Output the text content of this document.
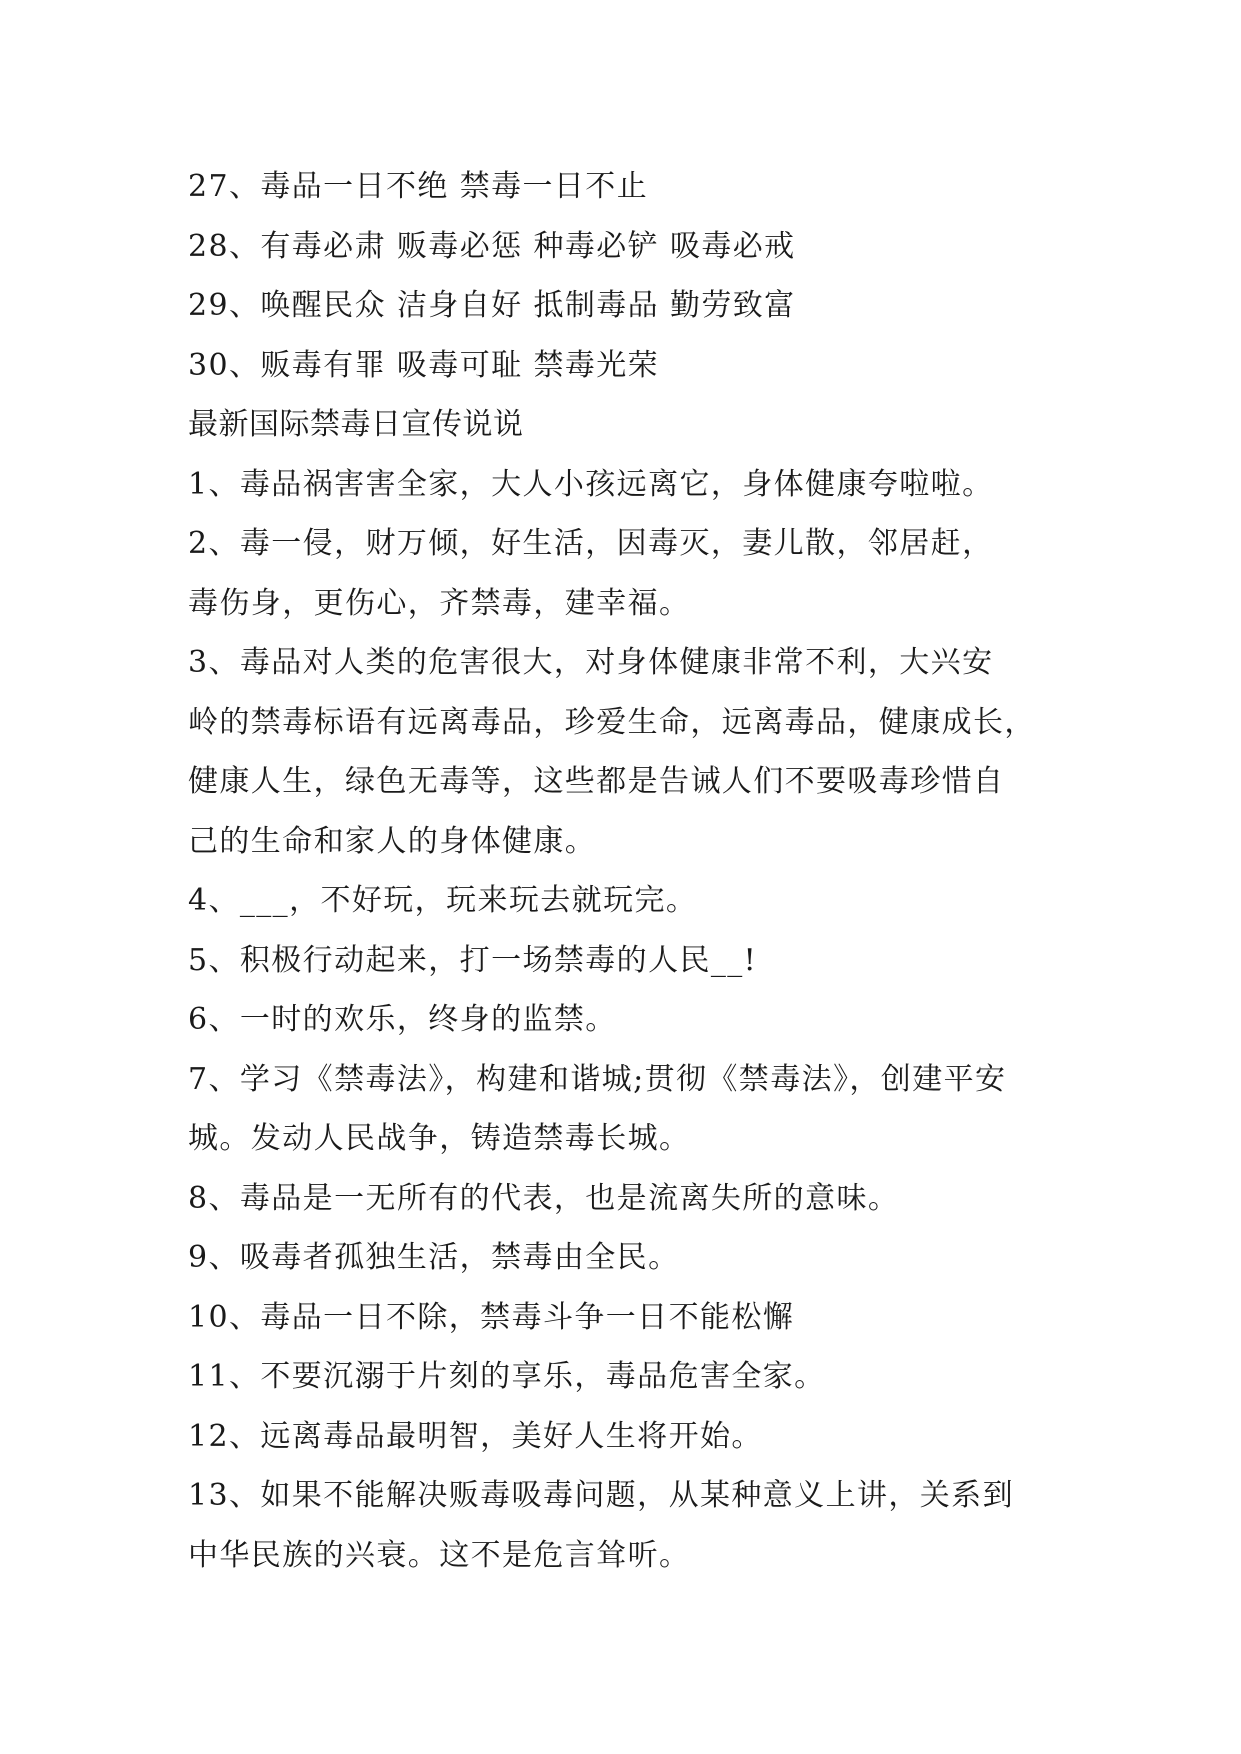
27、毒品一日不绝 禁毒一日不止

28、有毒必肃 贩毒必惩 种毒必铲 吸毒必戒

29、唤醒民众 洁身自好 抵制毒品 勤劳致富

30、贩毒有罪 吸毒可耻 禁毒光荣

最新国际禁毒日宣传说说

1、毒品祸害害全家，大人小孩远离它，身体健康夸啦啦。

2、毒一侵，财万倾，好生活，因毒灭，妻儿散，邻居赶，

毒伤身，更伤心，齐禁毒，建幸福。

3、毒品对人类的危害很大，对身体健康非常不利，大兴安

岭的禁毒标语有远离毒品，珍爱生命，远离毒品，健康成长，

健康人生，绿色无毒等，这些都是告诫人们不要吸毒珍惜自

己的生命和家人的身体健康。

4、___，不好玩，玩来玩去就玩完。

5、积极行动起来，打一场禁毒的人民__!

6、一时的欢乐，终身的监禁。

7、学习《禁毒法》，构建和谐城;贯彻《禁毒法》，创建平安

城。发动人民战争，铸造禁毒长城。

8、毒品是一无所有的代表，也是流离失所的意味。

9、吸毒者孤独生活，禁毒由全民。

10、毒品一日不除，禁毒斗争一日不能松懈

11、不要沉溺于片刻的享乐，毒品危害全家。

12、远离毒品最明智，美好人生将开始。

13、如果不能解决贩毒吸毒问题，从某种意义上讲，关系到

中华民族的兴衰。这不是危言耸听。
